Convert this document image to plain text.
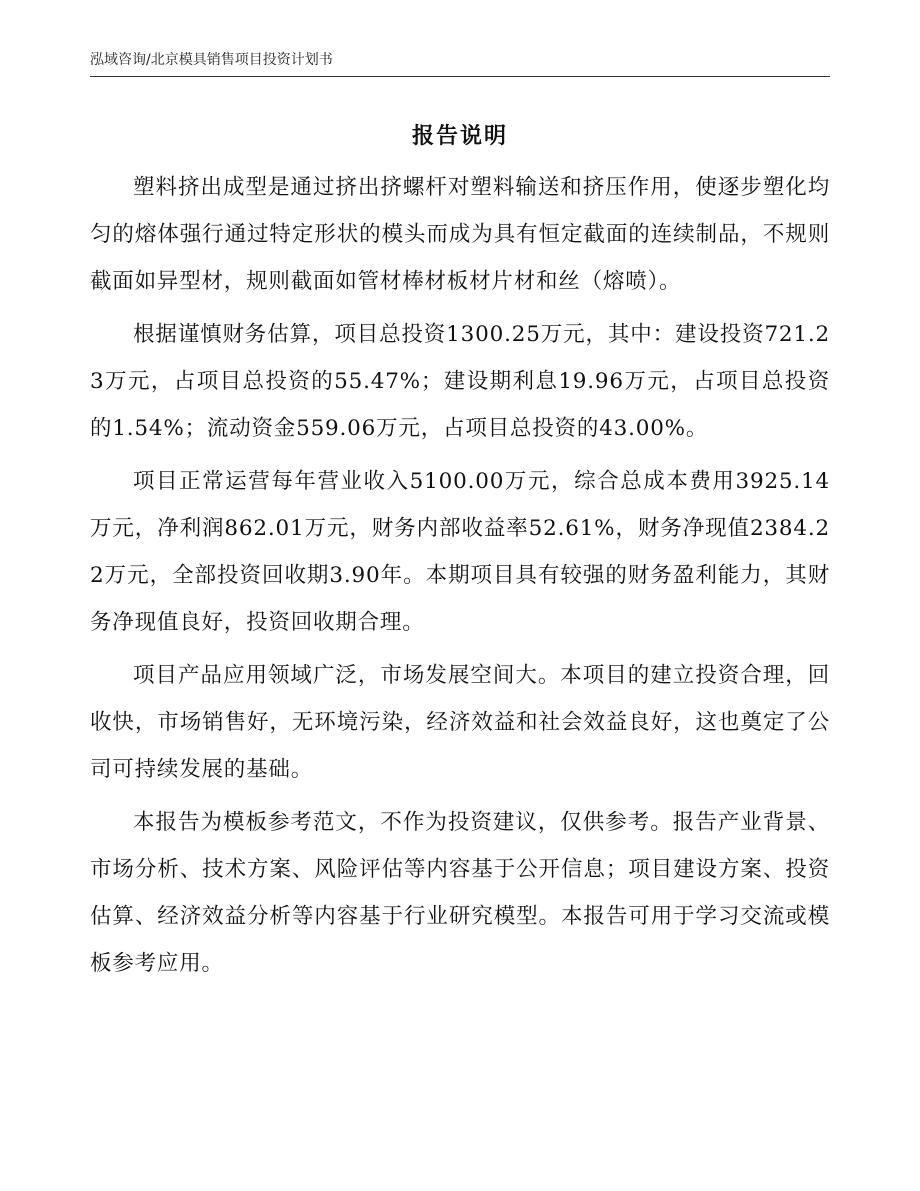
泓域咨询/北京模具销售项目投资计划书
报告说明

塑料挤出成型是通过挤出挤螺杆对塑料输送和挤压作用，使逐步塑化均匀的熔体强行通过特定形状的模头而成为具有恒定截面的连续制品，不规则截面如异型材，规则截面如管材棒材板材片材和丝（熔喷）。

根据谨慎财务估算，项目总投资1300.25万元，其中：建设投资721.23万元，占项目总投资的55.47%；建设期利息19.96万元，占项目总投资的1.54%；流动资金559.06万元，占项目总投资的43.00%。

项目正常运营每年营业收入5100.00万元，综合总成本费用3925.14万元，净利润862.01万元，财务内部收益率52.61%，财务净现值2384.22万元，全部投资回收期3.90年。本期项目具有较强的财务盈利能力，其财务净现值良好，投资回收期合理。

项目产品应用领域广泛，市场发展空间大。本项目的建立投资合理，回收快，市场销售好，无环境污染，经济效益和社会效益良好，这也奠定了公司可持续发展的基础。

本报告为模板参考范文，不作为投资建议，仅供参考。报告产业背景、市场分析、技术方案、风险评估等内容基于公开信息；项目建设方案、投资估算、经济效益分析等内容基于行业研究模型。本报告可用于学习交流或模板参考应用。
